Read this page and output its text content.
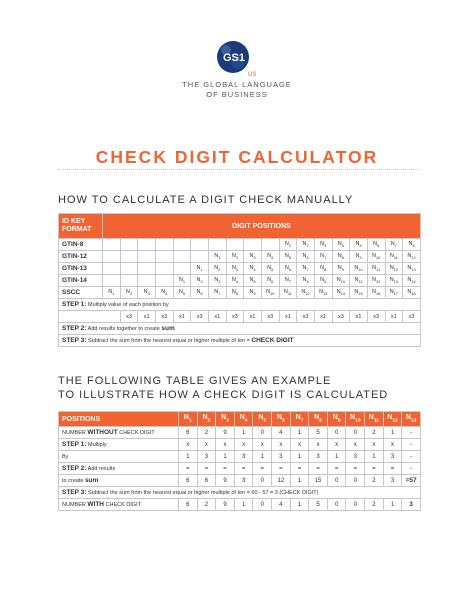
GS1
US
THE GLOBAL LANGUAGE
OF BUSINESS
CHECK DIGIT CALCULATOR
HOW TO CALCULATE A DIGIT CHECK MANUALLY
ID KEY FORMAT	DIGIT POSITIONS																	
GTIN-8											$N_1$	$N_2$	$N_3$	$N_4$	$N_5$	$N_6$	$N_7$	$N_8$
GTIN-12							$N_1$	$N_2$	$N_3$	$N_4$	$N_5$	$N_6$	$N_7$	$N_8$	$N_9$	$N_{10}$	$N_{11}$	$N_{12}$
GTIN-13						$N_1$	$N_2$	$N_3$	$N_4$	$N_5$	$N_6$	$N_7$	$N_8$	$N_9$	$N_{10}$	$N_{11}$	$N_{12}$	$N_{13}$
GTIN-14					$N_1$	$N_2$	$N_3$	$N_4$	$N_5$	$N_6$	$N_7$	$N_8$	$N_9$	$N_{10}$	$N_{11}$	$N_{12}$	$N_{13}$	$N_{14}$
SSCC	$N_1$	$N_2$	$N_3$	$N_4$	$N_5$	$N_6$	$N_7$	$N_8$	$N_9$	$N_{10}$	$N_{11}$	$N_{12}$	$N_{13}$	$N_{14}$	$N_{15}$	$N_{16}$	$N_{17}$	$N_{18}$
STEP 1: Multiply value of each position by																		
		x3	x1	x3	x1	x3	x1	x3	x1	x3	x1	x3	x1	x3	x1	x3	x1	x3
STEP 2: Add results together to create sum																		
STEP 3: Subtract the sum from the nearest equal or higher multiple of ten = CHECK DIGIT																		
THE FOLLOWING TABLE GIVES AN EXAMPLE
TO ILLUSTRATE HOW A CHECK DIGIT IS CALCULATED
POSITIONS	$N_1$	$N_2$	$N_3$	$N_4$	$N_5$	$N_6$	$N_7$	$N_8$	$N_9$	$N_{10}$	$N_{11}$	$N_{12}$	$N_{13}$
NUMBER WITHOUT CHECK DIGIT	6	2	9	1	0	4	1	5	0	0	2	1	-
STEP 1: Multiply	x	x	x	x	x	x	x	x	x	x	x	x	-
By	1	3	1	3	1	3	1	3	1	3	1	3	-
STEP 2: Add results	=	=	=	=	=	=	=	=	=	=	=	=	-
to create sum	6	6	9	3	0	12	1	15	0	0	2	3	=57
STEP 3: Subtract the sum from the nearest equal or higher multiple of ten = 60 - 57 = 3 (CHECK DIGIT)													
NUMBER WITH CHECK DIGIT	6	2	9	1	0	4	1	5	0	0	2	1	3
